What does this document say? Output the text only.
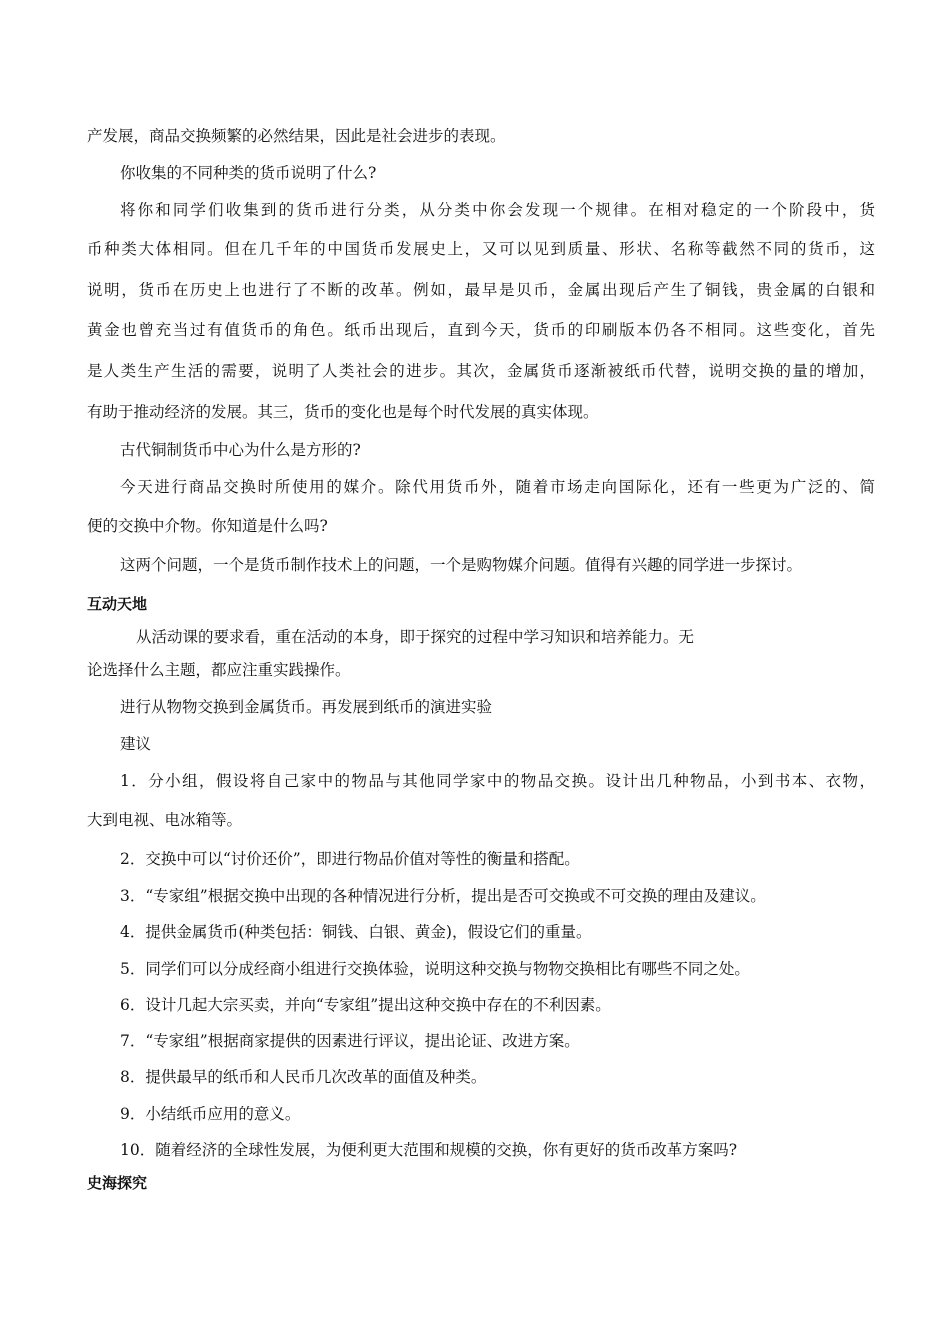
产发展，商品交换频繁的必然结果，因此是社会进步的表现。
你收集的不同种类的货币说明了什么?
将你和同学们收集到的货币进行分类，从分类中你会发现一个规律。在相对稳定的一个阶段中，货
币种类大体相同。但在几千年的中国货币发展史上，又可以见到质量、形状、名称等截然不同的货币，这
说明，货币在历史上也进行了不断的改革。例如，最早是贝币，金属出现后产生了铜钱，贵金属的白银和
黄金也曾充当过有值货币的角色。纸币出现后，直到今天，货币的印刷版本仍各不相同。这些变化，首先
是人类生产生活的需要，说明了人类社会的进步。其次，金属货币逐渐被纸币代替，说明交换的量的增加，
有助于推动经济的发展。其三，货币的变化也是每个时代发展的真实体现。
古代铜制货币中心为什么是方形的?
今天进行商品交换时所使用的媒介。除代用货币外，随着市场走向国际化，还有一些更为广泛的、简
便的交换中介物。你知道是什么吗?
这两个问题，一个是货币制作技术上的问题，一个是购物媒介问题。值得有兴趣的同学进一步探讨。
互动天地
从活动课的要求看，重在活动的本身，即于探究的过程中学习知识和培养能力。无
论选择什么主题，都应注重实践操作。
进行从物物交换到金属货币。再发展到纸币的演进实验
建议
1．分小组，假设将自己家中的物品与其他同学家中的物品交换。设计出几种物品，小到书本、衣物，
大到电视、电冰箱等。
2．交换中可以“讨价还价”，即进行物品价值对等性的衡量和搭配。
3．“专家组”根据交换中出现的各种情况进行分析，提出是否可交换或不可交换的理由及建议。
4．提供金属货币(种类包括：铜钱、白银、黄金)，假设它们的重量。
5．同学们可以分成经商小组进行交换体验，说明这种交换与物物交换相比有哪些不同之处。
6．设计几起大宗买卖，并向“专家组”提出这种交换中存在的不利因素。
7．“专家组”根据商家提供的因素进行评议，提出论证、改进方案。
8．提供最早的纸币和人民币几次改革的面值及种类。
9．小结纸币应用的意义。
10．随着经济的全球性发展，为便利更大范围和规模的交换，你有更好的货币改革方案吗?
史海探究
